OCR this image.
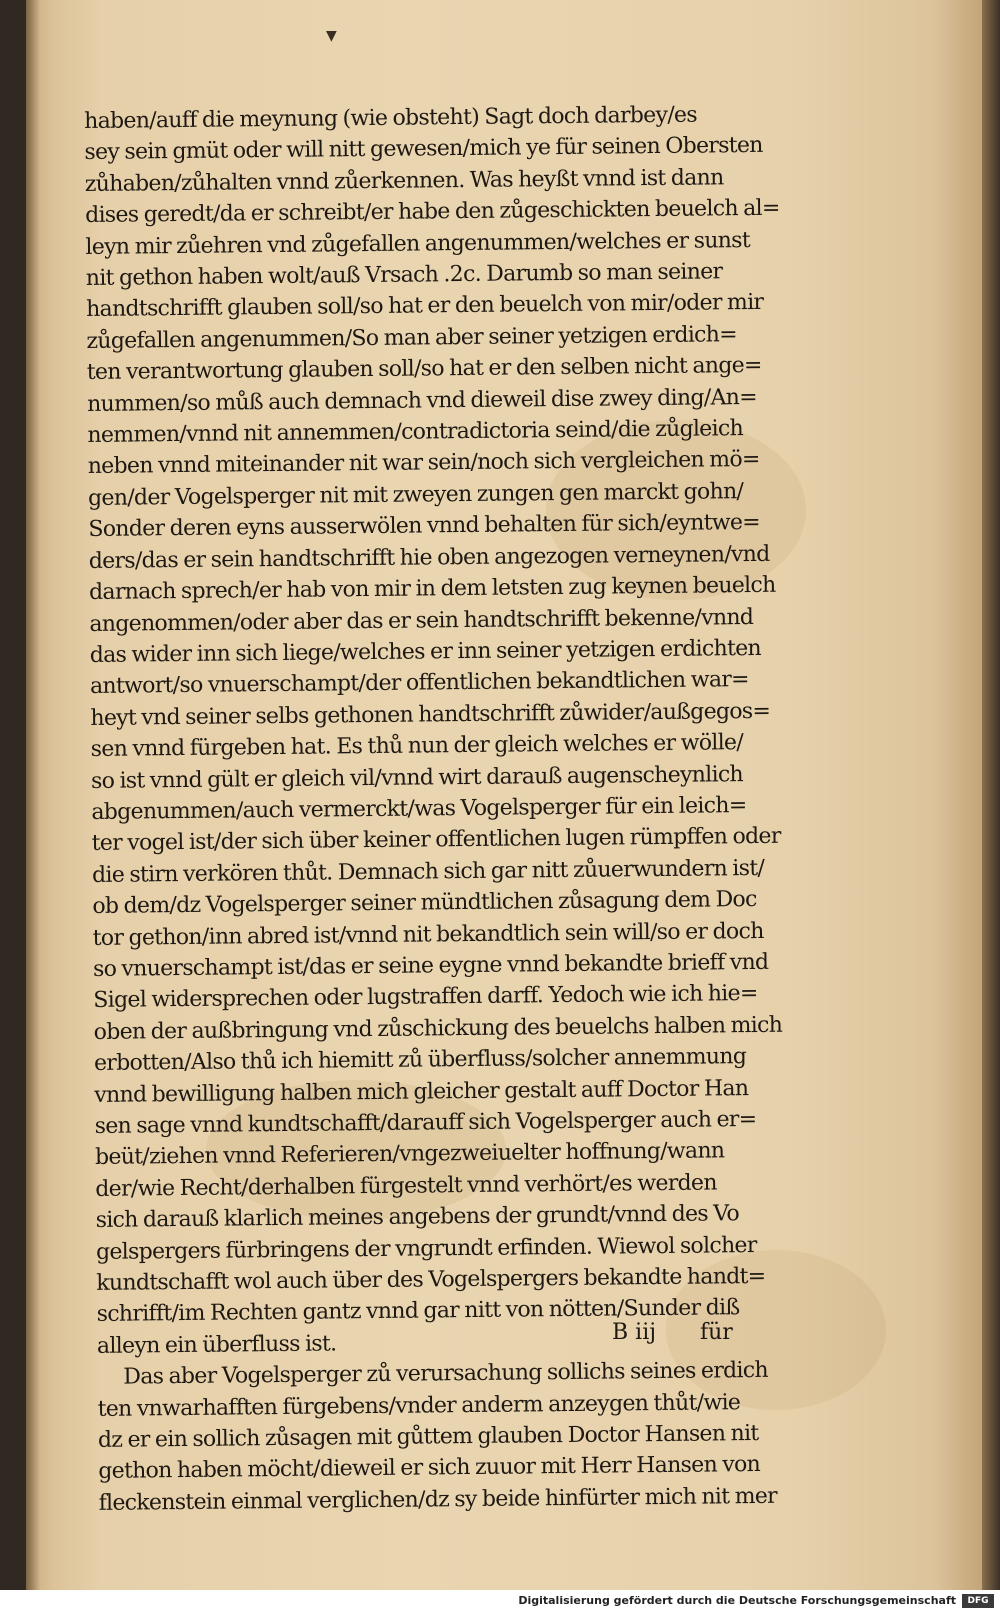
▼
haben/auff die meynung (wie obsteht) Sagt doch darbey/es
sey sein gmüt oder will nitt gewesen/mich ye für seinen Obersten
zůhaben/zůhalten vnnd zůerkennen. Was heyßt vnnd ist dann
dises geredt/da er schreibt/er habe den zůgeschickten beuelch al=
leyn mir zůehren vnd zůgefallen angenummen/welches er sunst
nit gethon haben wolt/auß Vrsach .2c. Darumb so man seiner
handtschrifft glauben soll/so hat er den beuelch von mir/oder mir
zůgefallen angenummen/So man aber seiner yetzigen erdich=
ten verantwortung glauben soll/so hat er den selben nicht ange=
nummen/so můß auch demnach vnd dieweil dise zwey ding/An=
nemmen/vnnd nit annemmen/contradictoria seind/die zůgleich
neben vnnd miteinander nit war sein/noch sich vergleichen mö=
gen/der Vogelsperger nit mit zweyen zungen gen marckt gohn/
Sonder deren eyns ausserwölen vnnd behalten für sich/eyntwe=
ders/das er sein handtschrifft hie oben angezogen verneynen/vnd
darnach sprech/er hab von mir in dem letsten zug keynen beuelch
angenommen/oder aber das er sein handtschrifft bekenne/vnnd
das wider inn sich liege/welches er inn seiner yetzigen erdichten
antwort/so vnuerschampt/der offentlichen bekandtlichen war=
heyt vnd seiner selbs gethonen handtschrifft zůwider/außgegos=
sen vnnd fürgeben hat. Es thů nun der gleich welches er wölle/
so ist vnnd gült er gleich vil/vnnd wirt darauß augenscheynlich
abgenummen/auch vermerckt/was Vogelsperger für ein leich=
ter vogel ist/der sich über keiner offentlichen lugen rümpffen oder
die stirn verkören thůt. Demnach sich gar nitt zůuerwundern ist/
ob dem/dz Vogelsperger seiner mündtlichen zůsagung dem Doc
tor gethon/inn abred ist/vnnd nit bekandtlich sein will/so er doch
so vnuerschampt ist/das er seine eygne vnnd bekandte brieff vnd
Sigel widersprechen oder lugstraffen darff. Yedoch wie ich hie=
oben der außbringung vnd zůschickung des beuelchs halben mich
erbotten/Also thů ich hiemitt zů überfluss/solcher annemmung
vnnd bewilligung halben mich gleicher gestalt auff Doctor Han
sen sage vnnd kundtschafft/darauff sich Vogelsperger auch er=
beüt/ziehen vnnd Referieren/vngezweiuelter hoffnung/wann
der/wie Recht/derhalben fürgestelt vnnd verhört/es werden
sich darauß klarlich meines angebens der grundt/vnnd des Vo
gelspergers fürbringens der vngrundt erfinden. Wiewol solcher
kundtschafft wol auch über des Vogelspergers bekandte handt=
schrifft/im Rechten gantz vnnd gar nitt von nötten/Sunder diß
alleyn ein überfluss ist.
Das aber Vogelsperger zů verursachung sollichs seines erdich
ten vnwarhafften fürgebens/vnder anderm anzeygen thůt/wie
dz er ein sollich zůsagen mit gůttem glauben Doctor Hansen nit
gethon haben möcht/dieweil er sich zuuor mit Herr Hansen von
fleckenstein einmal verglichen/dz sy beide hinfürter mich nit mer
B iij für
Digitalisierung gefördert durch die Deutsche Forschungsgemeinschaft	DFG
